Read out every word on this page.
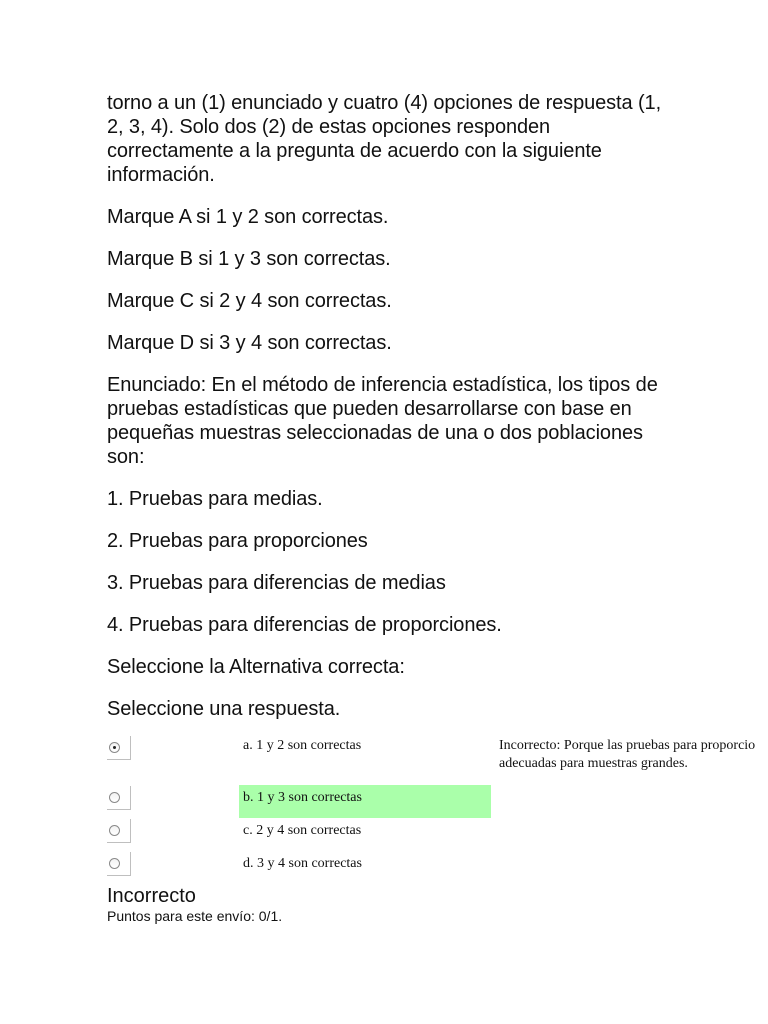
torno a un (1) enunciado y cuatro (4) opciones de respuesta (1, 2, 3, 4). Solo dos (2) de estas opciones responden correctamente a la pregunta de acuerdo con la siguiente información.

Marque A si 1 y 2 son correctas.

Marque B si 1 y 3 son correctas.

Marque C si 2 y 4 son correctas.

Marque D si 3 y 4 son correctas.

Enunciado: En el método de inferencia estadística, los tipos de pruebas estadísticas que pueden desarrollarse con base en pequeñas muestras seleccionadas de una o dos poblaciones son:

1. Pruebas para medias.

2. Pruebas para proporciones

3. Pruebas para diferencias de medias

4. Pruebas para diferencias de proporciones.

Seleccione la Alternativa correcta:

Seleccione una respuesta.

a. 1 y 2 son correctas	Incorrecto: Porque las pruebas para proporcio
adecuadas para muestras grandes.
b. 1 y 3 son correctas
c. 2 y 4 son correctas
d. 3 y 4 son correctas
Incorrecto
Puntos para este envío: 0/1.
